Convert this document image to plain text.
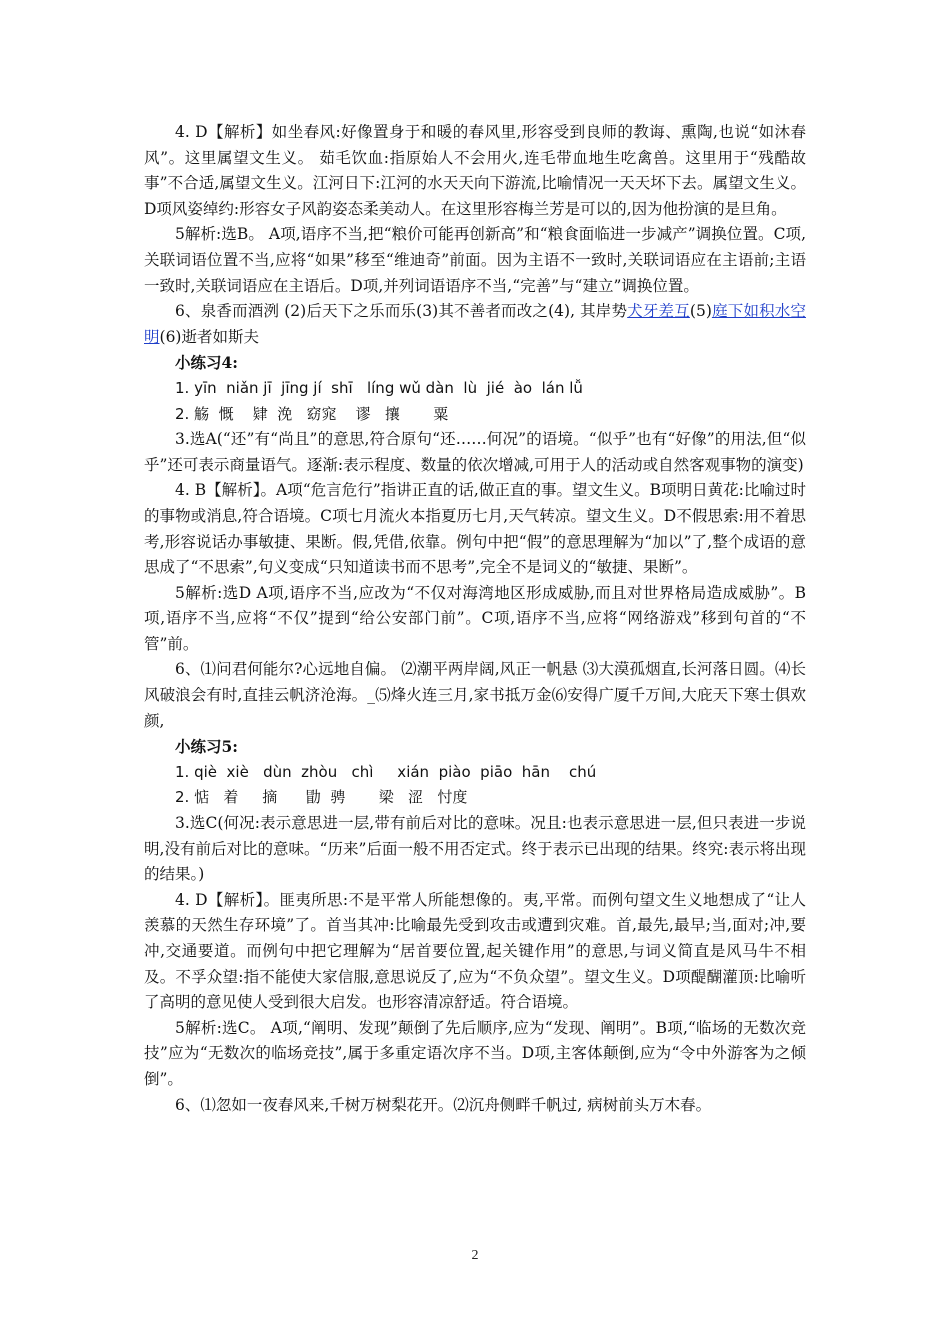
4. D【解析】如坐春风:好像置身于和暖的春风里,形容受到良师的教诲、熏陶,也说“如沐春风”。这里属望文生义。 茹毛饮血:指原始人不会用火,连毛带血地生吃禽兽。这里用于“残酷故事”不合适,属望文生义。江河日下:江河的水天天向下游流,比喻情况一天天坏下去。属望文生义。D项风姿绰约:形容女子风韵姿态柔美动人。在这里形容梅兰芳是可以的,因为他扮演的是旦角。

5解析:选B。 A项,语序不当,把“粮价可能再创新高”和“粮食面临进一步减产”调换位置。C项,关联词语位置不当,应将“如果”移至“维迪奇”前面。因为主语不一致时,关联词语应在主语前;主语一致时,关联词语应在主语后。D项,并列词语语序不当,“完善”与“建立”调换位置。

6、泉香而酒洌 (2)后天下之乐而乐(3)其不善者而改之(4), 其岸势犬牙差互(5)庭下如积水空明(6)逝者如斯夫

小练习4:

1. yīn  niǎn jī  jīng jí  shī   líng wǔ dàn  lù  jié  ào  lán lǚ

2. 觞  慨    肄  浼   窈窕    谬   攘       粟

3.选A(“还”有“尚且”的意思,符合原句“还……何况”的语境。“似乎”也有“好像”的用法,但“似乎”还可表示商量语气。逐渐:表示程度、数量的依次增减,可用于人的活动或自然客观事物的演变)

4. B【解析】。A项“危言危行”指讲正直的话,做正直的事。望文生义。B项明日黄花:比喻过时的事物或消息,符合语境。C项七月流火本指夏历七月,天气转凉。望文生义。D不假思索:用不着思考,形容说话办事敏捷、果断。假,凭借,依靠。例句中把“假”的意思理解为“加以”了,整个成语的意思成了“不思索”,句义变成“只知道读书而不思考”,完全不是词义的“敏捷、果断”。

5解析:选D A项,语序不当,应改为“不仅对海湾地区形成威胁,而且对世界格局造成威胁”。B项,语序不当,应将“不仅”提到“给公安部门前”。C项,语序不当,应将“网络游戏”移到句首的“不管”前。

6、⑴问君何能尔?心远地自偏。 ⑵潮平两岸阔,风正一帆悬 ⑶大漠孤烟直,长河落日圆。⑷长风破浪会有时,直挂云帆济沧海。_⑸烽火连三月,家书抵万金⑹安得广厦千万间,大庇天下寒士俱欢颜,

小练习5:

1. qiè  xiè   dùn  zhòu   chì     xián  piào  piāo  hān    chú

2. 惦   着     摘      勖  骋       梁   涩   忖度

3.选C(何况:表示意思进一层,带有前后对比的意味。况且:也表示意思进一层,但只表进一步说明,没有前后对比的意味。“历来”后面一般不用否定式。终于表示已出现的结果。终究:表示将出现的结果。)

4. D【解析】。匪夷所思:不是平常人所能想像的。夷,平常。而例句望文生义地想成了“让人羡慕的天然生存环境”了。首当其冲:比喻最先受到攻击或遭到灾难。首,最先,最早;当,面对;冲,要冲,交通要道。而例句中把它理解为“居首要位置,起关键作用”的意思,与词义简直是风马牛不相及。不孚众望:指不能使大家信服,意思说反了,应为“不负众望”。望文生义。D项醍醐灌顶:比喻听了高明的意见使人受到很大启发。也形容清凉舒适。符合语境。

5解析:选C。 A项,“阐明、发现”颠倒了先后顺序,应为“发现、阐明”。B项,“临场的无数次竞技”应为“无数次的临场竞技”,属于多重定语次序不当。D项,主客体颠倒,应为“令中外游客为之倾倒”。

6、⑴忽如一夜春风来,千树万树梨花开。⑵沉舟侧畔千帆过, 病树前头万木春。

2
